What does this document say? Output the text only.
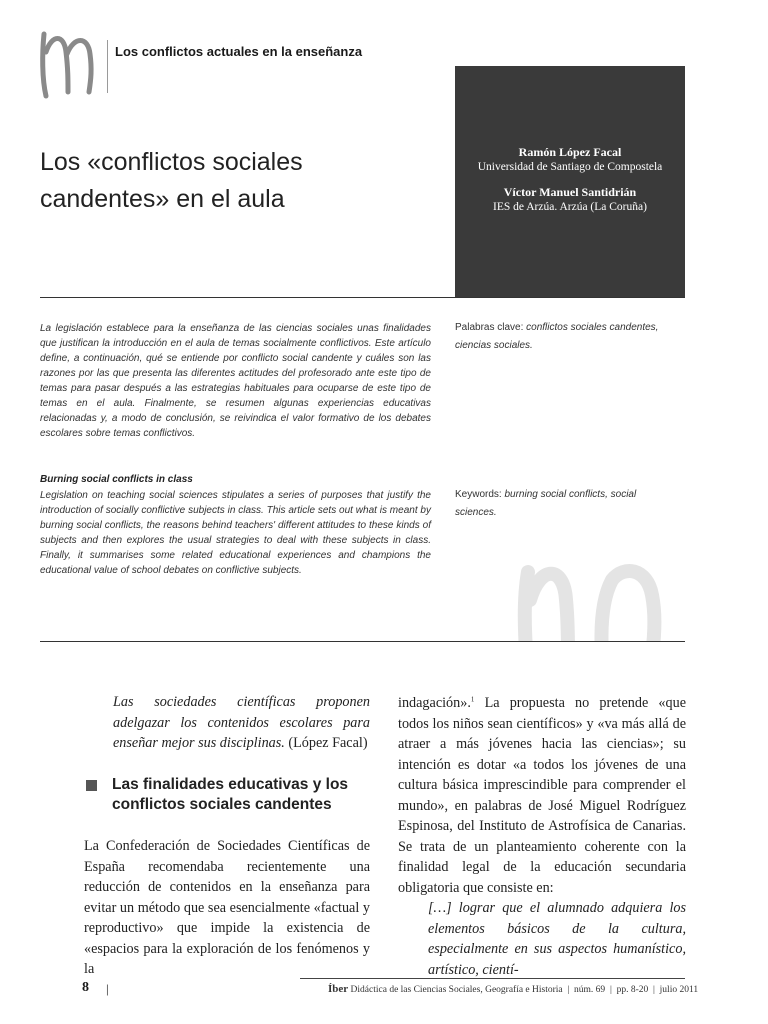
Los conflictos actuales en la enseñanza
Los «conflictos sociales
candentes» en el aula
Ramón López Facal
Universidad de Santiago de Compostela
Víctor Manuel Santidrián
IES de Arzúa. Arzúa (La Coruña)
La legislación establece para la enseñanza de las ciencias sociales unas finalidades que justifican la introducción en el aula de temas socialmente conflictivos. Este artículo define, a continuación, qué se entiende por conflicto social candente y cuáles son las razones por las que presenta las diferentes actitudes del profesorado ante este tipo de temas para pasar después a las estrategias habituales para ocuparse de este tipo de temas en el aula. Finalmente, se resumen algunas experiencias educativas relacionadas y, a modo de conclusión, se reivindica el valor formativo de los debates escolares sobre temas conflictivos.
Palabras clave: conflictos sociales candentes, ciencias sociales.
Burning social conflicts in class
Legislation on teaching social sciences stipulates a series of purposes that justify the introduction of socially conflictive subjects in class. This article sets out what is meant by burning social conflicts, the reasons behind teachers' different attitudes to these kinds of subjects and then explores the usual strategies to deal with these subjects in class. Finally, it summarises some related educational experiences and champions the educational value of school debates on conflictive subjects.
Keywords: burning social conflicts, social sciences.
Las sociedades científicas proponen adelgazar los contenidos escolares para enseñar mejor sus disciplinas. (López Facal)
Las finalidades educativas y los conflictos sociales candentes
La Confederación de Sociedades Científicas de España recomendaba recientemente una reducción de contenidos en la enseñanza para evitar un método que sea esencialmente «factual y reproductivo» que impide la existencia de «espacios para la exploración de los fenómenos y la
indagación».$^1$ La propuesta no pretende «que todos los niños sean científicos» y «va más allá de atraer a más jóvenes hacia las ciencias»; su intención es dotar «a todos los jóvenes de una cultura básica imprescindible para comprender el mundo», en palabras de José Miguel Rodríguez Espinosa, del Instituto de Astrofísica de Canarias. Se trata de un planteamiento coherente con la finalidad legal de la educación secundaria obligatoria que consiste en:
[…] lograr que el alumnado adquiera los elementos básicos de la cultura, especialmente en sus aspectos humanístico, artístico, cientí-
8 |	Íber Didáctica de las Ciencias Sociales, Geografía e Historia | núm. 69 | pp. 8-20 | julio 2011
